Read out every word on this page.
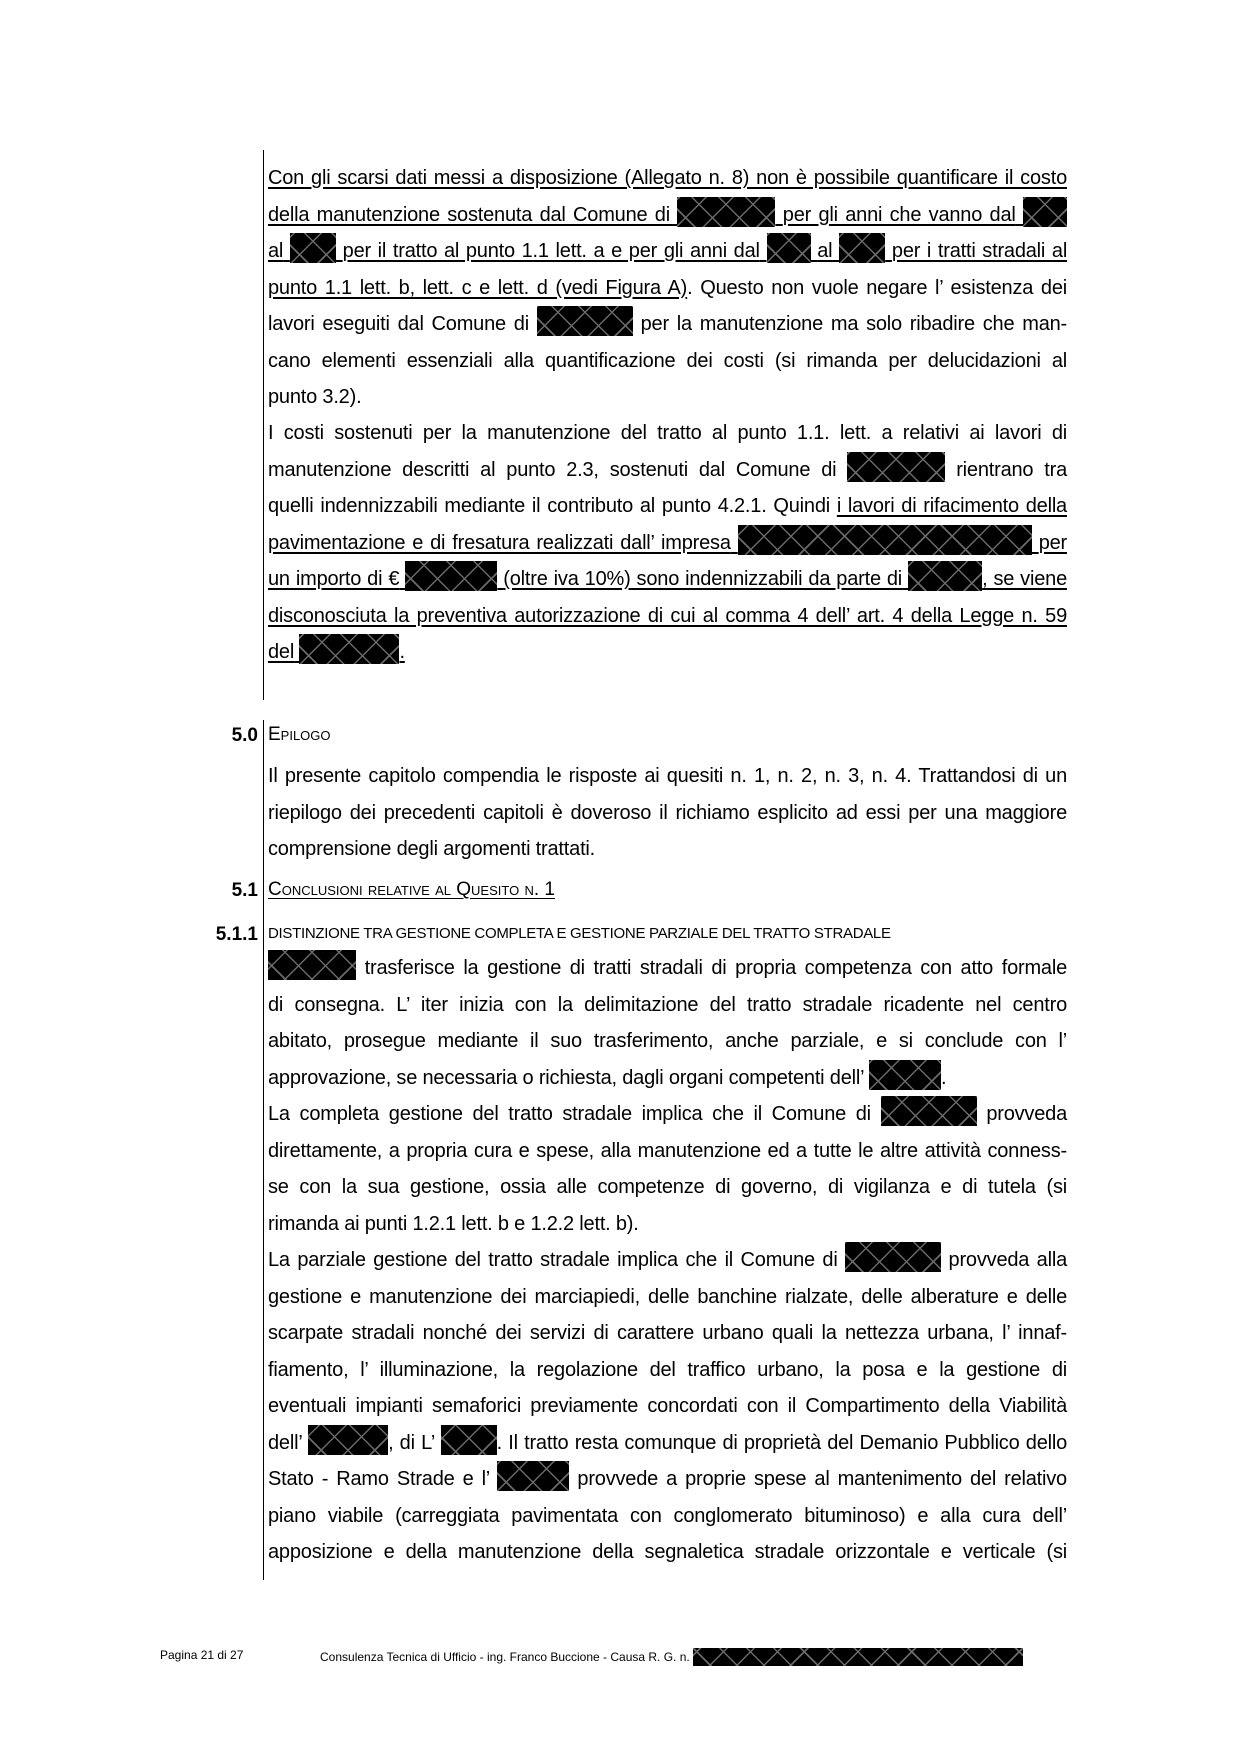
Con gli scarsi dati messi a disposizione (Allegato n. 8) non è possibile quantificare il costo
della manutenzione sostenuta dal Comune di	per gli anni che vanno dal
al	per il tratto al punto 1.1 lett. a e per gli anni dal	al	per i tratti stradali al
punto 1.1 lett. b, lett. c e lett. d (vedi Figura A). Questo non vuole negare l’ esistenza dei
lavori eseguiti dal Comune di	per la manutenzione ma solo ribadire che man-
cano elementi essenziali alla quantificazione dei costi (si rimanda per delucidazioni al
punto 3.2).
I costi sostenuti per la manutenzione del tratto al punto 1.1. lett. a relativi ai lavori di
manutenzione descritti al punto 2.3, sostenuti dal Comune di	rientrano tra
quelli indennizzabili mediante il contributo al punto 4.2.1. Quindi i lavori di rifacimento della
pavimentazione e di fresatura realizzati dall’ impresa	per
un importo di €	(oltre iva 10%) sono indennizzabili da parte di	, se viene
disconosciuta la preventiva autorizzazione di cui al comma 4 dell’ art. 4 della Legge n. 59
del	.
5.0 Epilogo
Il presente capitolo compendia le risposte ai quesiti n. 1, n. 2, n. 3, n. 4. Trattandosi di un
riepilogo dei precedenti capitoli è doveroso il richiamo esplicito ad essi per una maggiore
comprensione degli argomenti trattati.
5.1 Conclusioni relative al Quesito n. 1
5.1.1 DISTINZIONE TRA GESTIONE COMPLETA E GESTIONE PARZIALE DEL TRATTO STRADALE
trasferisce la gestione di tratti stradali di propria competenza con atto formale
di consegna. L’ iter inizia con la delimitazione del tratto stradale ricadente nel centro
abitato, prosegue mediante il suo trasferimento, anche parziale, e si conclude con l’
approvazione, se necessaria o richiesta, dagli organi competenti dell’	.
La completa gestione del tratto stradale implica che il Comune di	provveda
direttamente, a propria cura e spese, alla manutenzione ed a tutte le altre attività conness-
se con la sua gestione, ossia alle competenze di governo, di vigilanza e di tutela (si
rimanda ai punti 1.2.1 lett. b e 1.2.2 lett. b).
La parziale gestione del tratto stradale implica che il Comune di	provveda alla
gestione e manutenzione dei marciapiedi, delle banchine rialzate, delle alberature e delle
scarpate stradali nonché dei servizi di carattere urbano quali la nettezza urbana, l’ innaf-
fiamento, l’ illuminazione, la regolazione del traffico urbano, la posa e la gestione di
eventuali impianti semaforici previamente concordati con il Compartimento della Viabilità
dell’	, di L’	. Il tratto resta comunque di proprietà del Demanio Pubblico dello
Stato - Ramo Strade e l’	provvede a proprie spese al mantenimento del relativo
piano viabile (carreggiata pavimentata con conglomerato bituminoso) e alla cura dell’
apposizione e della manutenzione della segnaletica stradale orizzontale e verticale (si
Pagina 21 di 27	Consulenza Tecnica di Ufficio - ing. Franco Buccione - Causa R. G. n.
